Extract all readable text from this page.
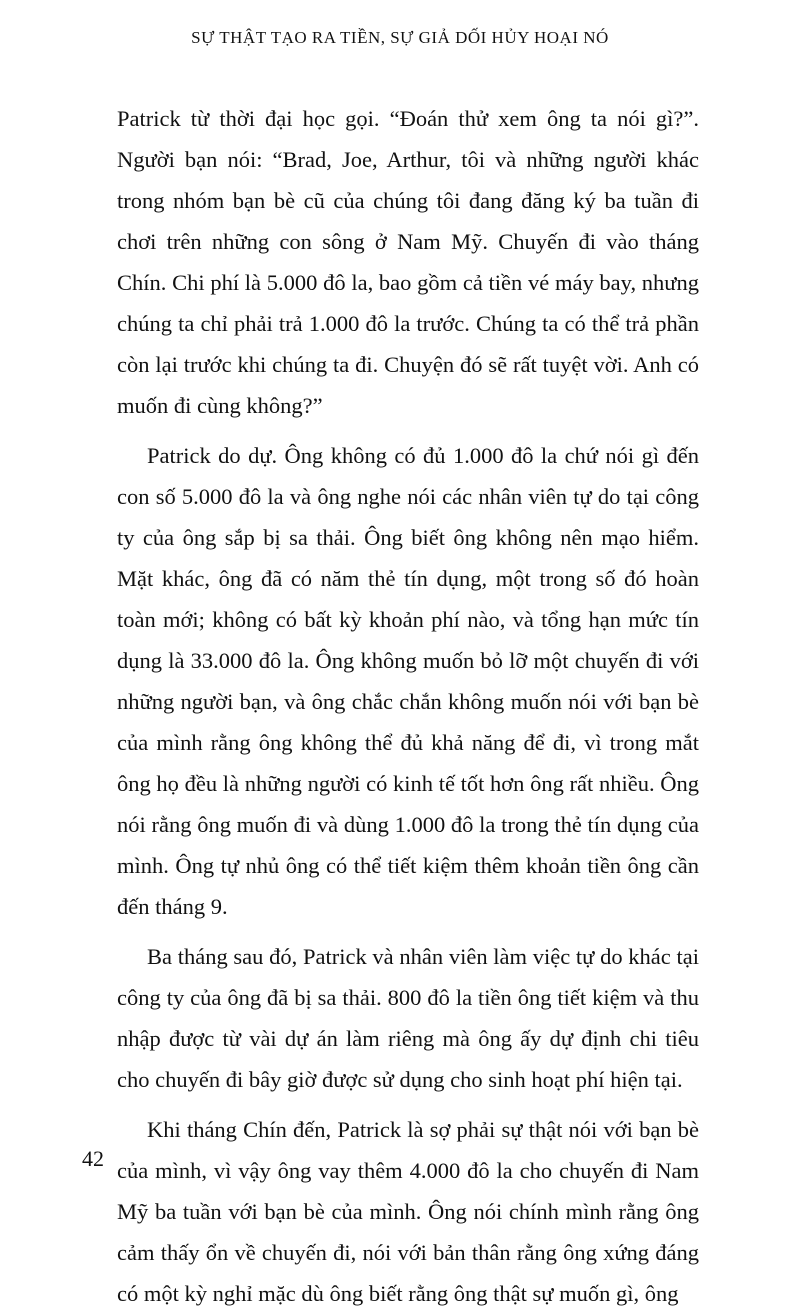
SỰ THẬT TẠO RA TIỀN, SỰ GIẢ DỐI HỦY HOẠI NÓ

Patrick từ thời đại học gọi. “Đoán thử xem ông ta nói gì?”. Người bạn nói: “Brad, Joe, Arthur, tôi và những người khác trong nhóm bạn bè cũ của chúng tôi đang đăng ký ba tuần đi chơi trên những con sông ở Nam Mỹ. Chuyến đi vào tháng Chín. Chi phí là 5.000 đô la, bao gồm cả tiền vé máy bay, nhưng chúng ta chỉ phải trả 1.000 đô la trước. Chúng ta có thể trả phần còn lại trước khi chúng ta đi. Chuyện đó sẽ rất tuyệt vời. Anh có muốn đi cùng không?”

Patrick do dự. Ông không có đủ 1.000 đô la chứ nói gì đến con số 5.000 đô la và ông nghe nói các nhân viên tự do tại công ty của ông sắp bị sa thải. Ông biết ông không nên mạo hiểm. Mặt khác, ông đã có năm thẻ tín dụng, một trong số đó hoàn toàn mới; không có bất kỳ khoản phí nào, và tổng hạn mức tín dụng là 33.000 đô la. Ông không muốn bỏ lỡ một chuyến đi với những người bạn, và ông chắc chắn không muốn nói với bạn bè của mình rằng ông không thể đủ khả năng để đi, vì trong mắt ông họ đều là những người có kinh tế tốt hơn ông rất nhiều. Ông nói rằng ông muốn đi và dùng 1.000 đô la trong thẻ tín dụng của mình. Ông tự nhủ ông có thể tiết kiệm thêm khoản tiền ông cần đến tháng 9.

Ba tháng sau đó, Patrick và nhân viên làm việc tự do khác tại công ty của ông đã bị sa thải. 800 đô la tiền ông tiết kiệm và thu nhập được từ vài dự án làm riêng mà ông ấy dự định chi tiêu cho chuyến đi bây giờ được sử dụng cho sinh hoạt phí hiện tại.

Khi tháng Chín đến, Patrick là sợ phải sự thật nói với bạn bè của mình, vì vậy ông vay thêm 4.000 đô la cho chuyến đi Nam Mỹ ba tuần với bạn bè của mình. Ông nói chính mình rằng ông cảm thấy ổn về chuyến đi, nói với bản thân rằng ông xứng đáng có một kỳ nghỉ mặc dù ông biết rằng ông thật sự muốn gì, ông

42
